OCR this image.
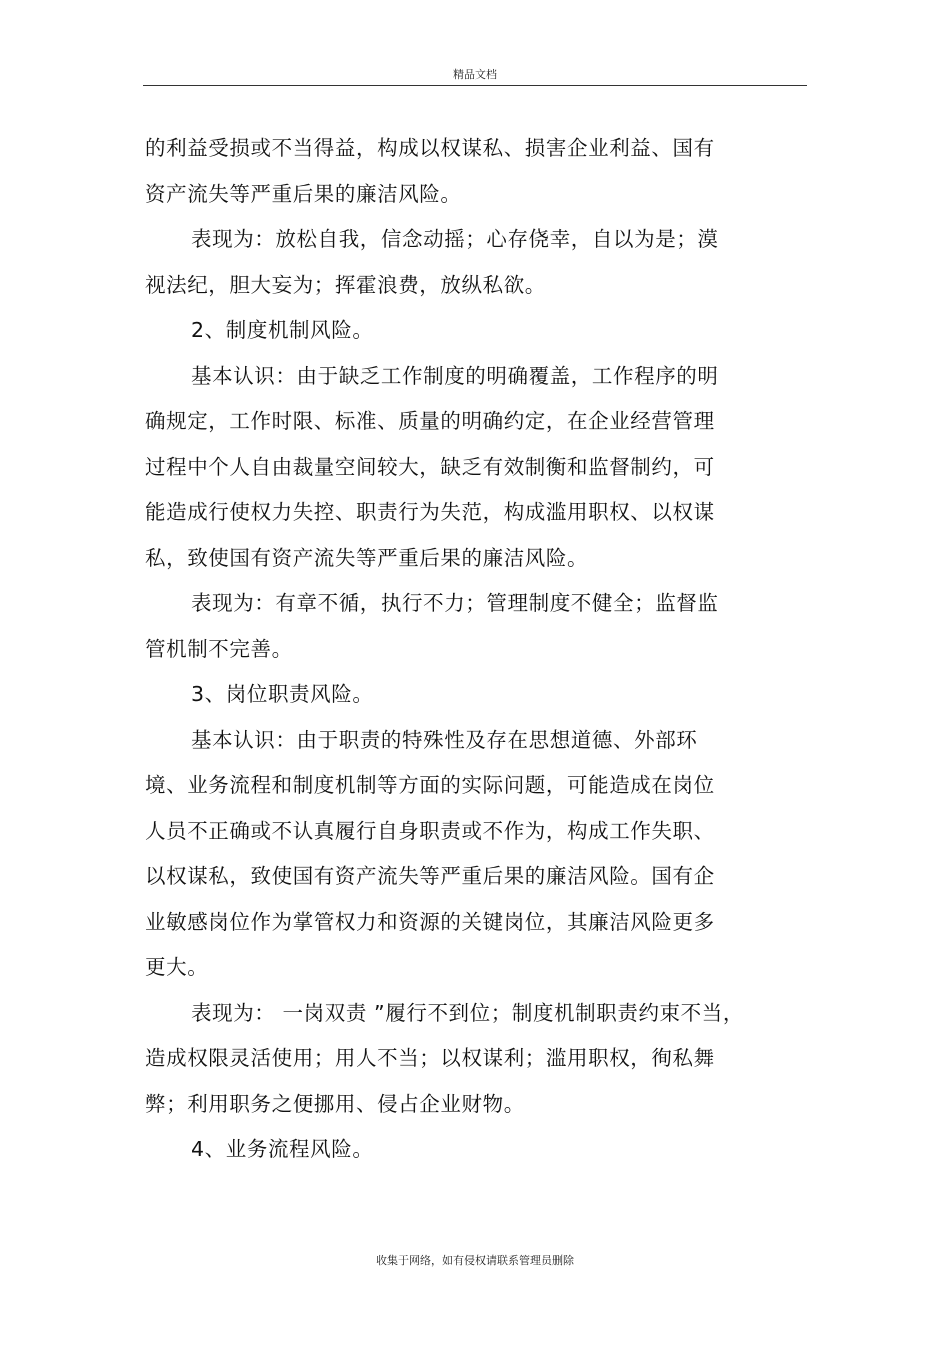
精品文档
的利益受损或不当得益，构成以权谋私、损害企业利益、国有
资产流失等严重后果的廉洁风险。
表现为：放松自我，信念动摇；心存侥幸，自以为是；漠
视法纪，胆大妄为；挥霍浪费，放纵私欲。
2、制度机制风险。
基本认识：由于缺乏工作制度的明确覆盖，工作程序的明
确规定，工作时限、标准、质量的明确约定，在企业经营管理
过程中个人自由裁量空间较大，缺乏有效制衡和监督制约，可
能造成行使权力失控、职责行为失范，构成滥用职权、以权谋
私，致使国有资产流失等严重后果的廉洁风险。
表现为：有章不循，执行不力；管理制度不健全；监督监
管机制不完善。
3、岗位职责风险。
基本认识：由于职责的特殊性及存在思想道德、外部环
境、业务流程和制度机制等方面的实际问题，可能造成在岗位
人员不正确或不认真履行自身职责或不作为，构成工作失职、
以权谋私，致使国有资产流失等严重后果的廉洁风险。国有企
业敏感岗位作为掌管权力和资源的关键岗位，其廉洁风险更多
更大。
表现为： 一岗双责 ”履行不到位；制度机制职责约束不当，
造成权限灵活使用；用人不当；以权谋利；滥用职权，徇私舞
弊；利用职务之便挪用、侵占企业财物。
4、业务流程风险。
收集于网络，如有侵权请联系管理员删除
